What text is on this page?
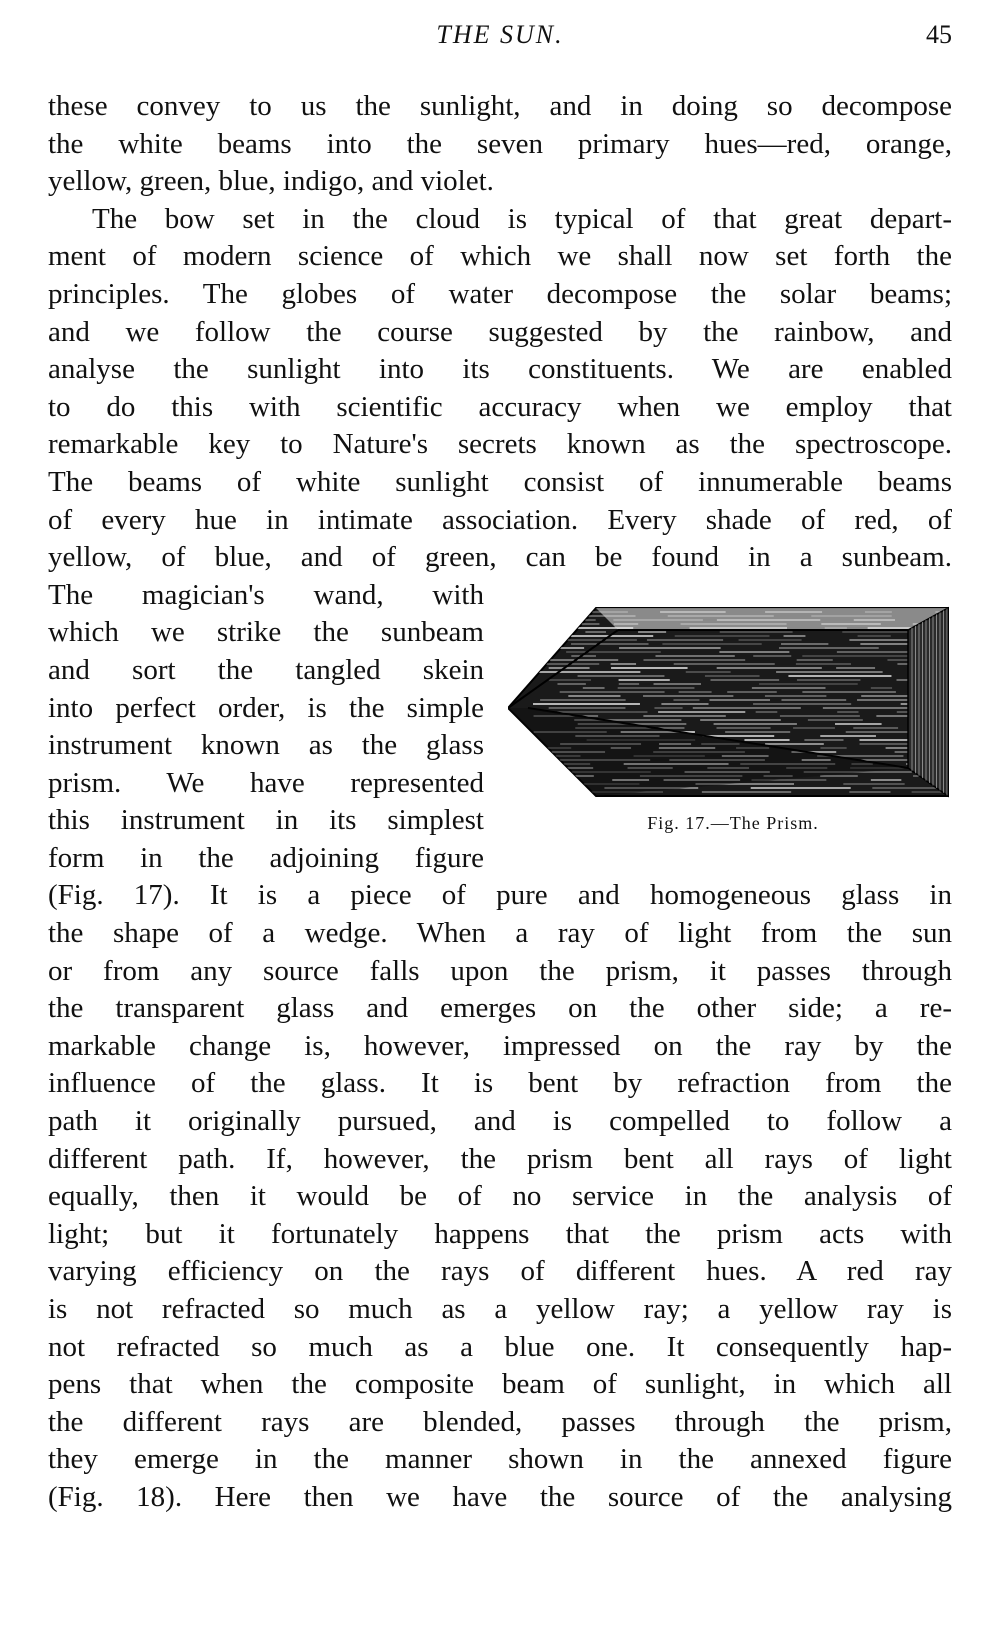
THE SUN.	45
these convey to us the sunlight, and in doing so decompose
the white beams into the seven primary hues—red, orange,
yellow, green, blue, indigo, and violet.
The bow set in the cloud is typical of that great depart-
ment of modern science of which we shall now set forth the
principles. The globes of water decompose the solar beams;
and we follow the course suggested by the rainbow, and
analyse the sunlight into its constituents. We are enabled
to do this with scientific accuracy when we employ that
remarkable key to Nature's secrets known as the spectroscope.
The beams of white sunlight consist of innumerable beams
of every hue in intimate association. Every shade of red, of
yellow, of blue, and of green, can be found in a sunbeam.
The magician's wand, with
which we strike the sunbeam
and sort the tangled skein
into perfect order, is the simple
instrument known as the glass
prism. We have represented
this instrument in its simplest
form in the adjoining figure
(Fig. 17). It is a piece of pure and homogeneous glass in
the shape of a wedge. When a ray of light from the sun
or from any source falls upon the prism, it passes through
the transparent glass and emerges on the other side; a re-
markable change is, however, impressed on the ray by the
influence of the glass. It is bent by refraction from the
path it originally pursued, and is compelled to follow a
different path. If, however, the prism bent all rays of light
equally, then it would be of no service in the analysis of
light; but it fortunately happens that the prism acts with
varying efficiency on the rays of different hues. A red ray
is not refracted so much as a yellow ray; a yellow ray is
not refracted so much as a blue one. It consequently hap-
pens that when the composite beam of sunlight, in which all
the different rays are blended, passes through the prism,
they emerge in the manner shown in the annexed figure
(Fig. 18). Here then we have the source of the analysing
Fig. 17.—The Prism.
